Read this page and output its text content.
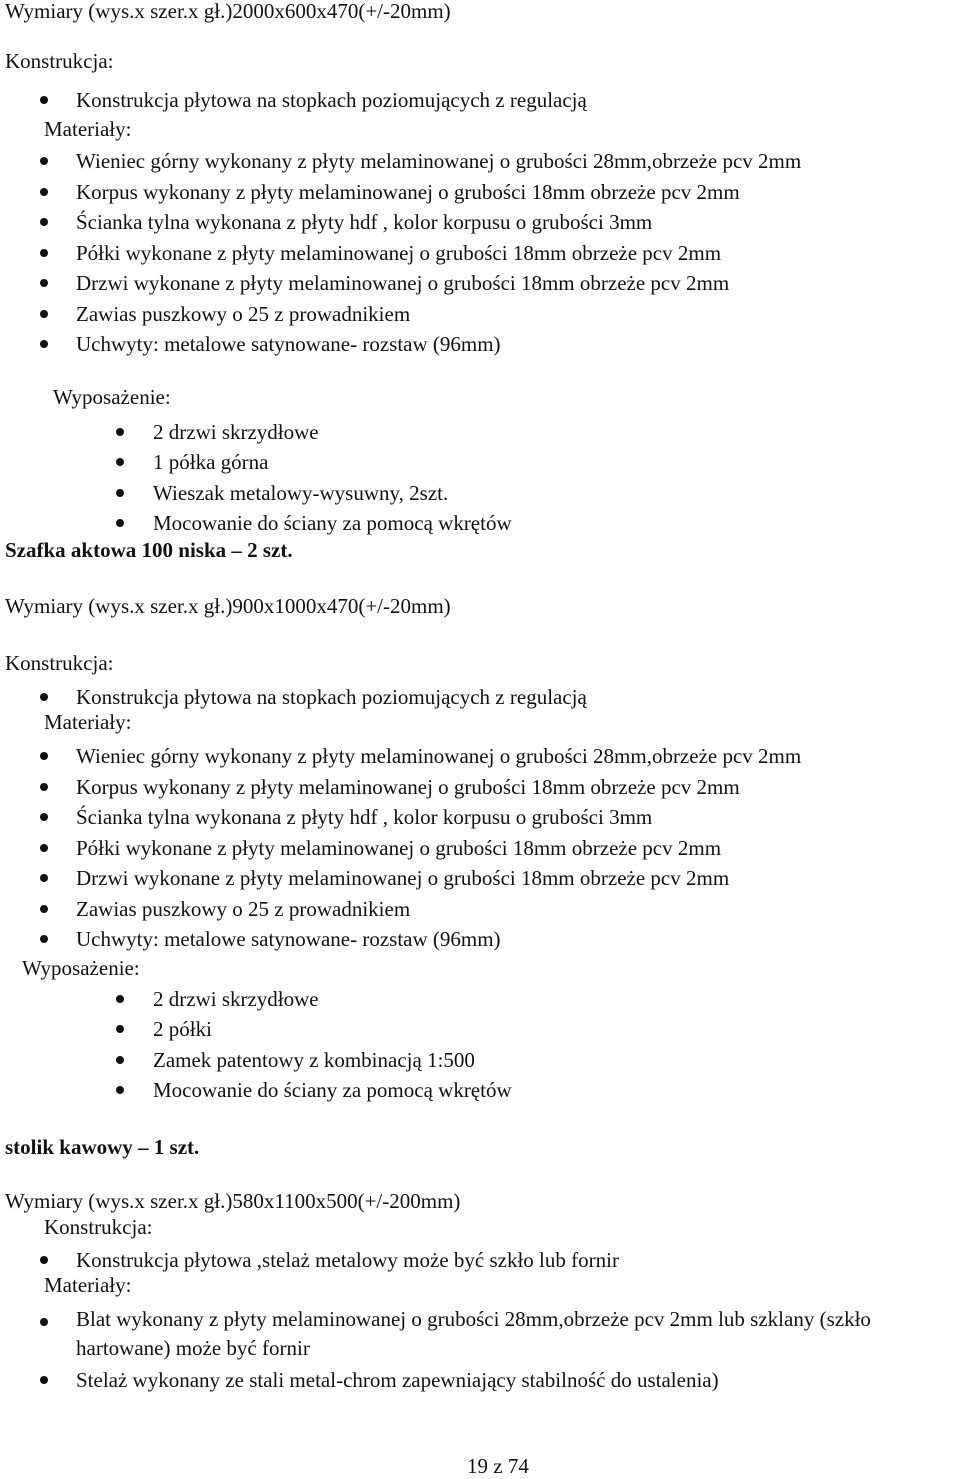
Wymiary (wys.x szer.x gł.)2000x600x470(+/-20mm)
Konstrukcja:
Konstrukcja płytowa na stopkach poziomujących z regulacją
Materiały:
Wieniec górny wykonany z płyty melaminowanej o grubości 28mm,obrzeże pcv 2mm
Korpus wykonany z płyty melaminowanej o grubości 18mm obrzeże pcv 2mm
Ścianka tylna wykonana z płyty hdf , kolor korpusu o grubości 3mm
Półki wykonane z płyty melaminowanej o grubości 18mm obrzeże pcv 2mm
Drzwi wykonane z płyty melaminowanej o grubości 18mm obrzeże pcv 2mm
Zawias puszkowy o 25 z prowadnikiem
Uchwyty: metalowe satynowane- rozstaw (96mm)
Wyposażenie:
2 drzwi skrzydłowe
1 półka górna
Wieszak metalowy-wysuwny, 2szt.
Mocowanie do ściany za pomocą wkrętów
Szafka aktowa 100 niska – 2 szt.
Wymiary (wys.x szer.x gł.)900x1000x470(+/-20mm)
Konstrukcja:
Konstrukcja płytowa na stopkach poziomujących z regulacją
Materiały:
Wieniec górny wykonany z płyty melaminowanej o grubości 28mm,obrzeże pcv 2mm
Korpus wykonany z płyty melaminowanej o grubości 18mm obrzeże pcv 2mm
Ścianka tylna wykonana z płyty hdf , kolor korpusu o grubości 3mm
Półki wykonane z płyty melaminowanej o grubości 18mm obrzeże pcv 2mm
Drzwi wykonane z płyty melaminowanej o grubości 18mm obrzeże pcv 2mm
Zawias puszkowy o 25 z prowadnikiem
Uchwyty: metalowe satynowane- rozstaw (96mm)
Wyposażenie:
2 drzwi skrzydłowe
2 półki
Zamek patentowy z kombinacją 1:500
Mocowanie do ściany za pomocą wkrętów
stolik kawowy – 1 szt.
Wymiary (wys.x szer.x gł.)580x1100x500(+/-200mm)
Konstrukcja:
Konstrukcja płytowa ,stelaż metalowy może być szkło lub fornir
Materiały:
Blat wykonany z płyty melaminowanej o grubości 28mm,obrzeże pcv 2mm lub szklany (szkło hartowane) może być fornir
Stelaż wykonany ze stali metal-chrom zapewniający stabilność do ustalenia)
19 z 74
